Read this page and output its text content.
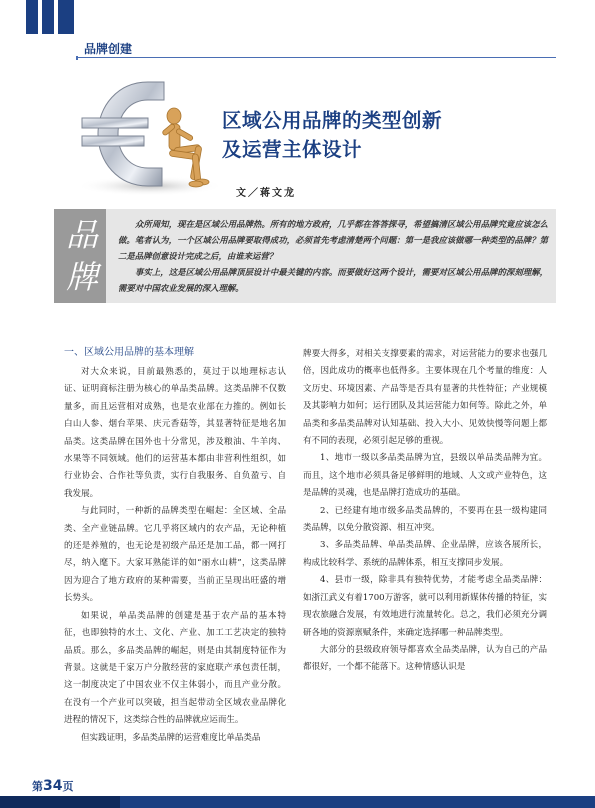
品牌创建
区域公用品牌的类型创新
及运营主体设计
文／蒋文龙
品
牌

众所周知，现在是区域公用品牌热。所有的地方政府，几乎都在答答探寻，希望搞清区域公用品牌究竟应该怎么做。笔者认为，一个区域公用品牌要取得成功，必须首先考虑清楚两个问题：第一是我应该做哪一种类型的品牌？第二是品牌创意设计完成之后，由谁来运营？

事实上，这是区域公用品牌顶层设计中最关键的内容。而要做好这两个设计，需要对区域公用品牌的深刻理解，需要对中国农业发展的深入理解。

一、区域公用品牌的基本理解

对大众来说，目前最熟悉的，莫过于以地理标志认证、证明商标注册为核心的单品类品牌。这类品牌不仅数量多，而且运营相对成熟，也是农业部在力推的。例如长白山人参、烟台苹果、庆元香菇等，其显著特征是地名加品类。这类品牌在国外也十分常见，涉及粮油、牛羊肉、水果等不同领域。他们的运营基本都由非营利性组织，如行业协会、合作社等负责，实行自我服务、自负盈亏、自我发展。

与此同时，一种新的品牌类型在崛起：全区域、全品类、全产业链品牌。它几乎将区域内的农产品，无论种植的还是养殖的，也无论是初级产品还是加工品，都一网打尽，纳入麾下。大家耳熟能详的如“丽水山耕”，这类品牌因为迎合了地方政府的某种需要，当前正呈现出旺盛的增长势头。

如果说，单品类品牌的创建是基于农产品的基本特征，也即独特的水土、文化、产业、加工工艺决定的独特品质。那么，多品类品牌的崛起，则是由其制度特征作为背景。这就是千家万户分散经营的家庭联产承包责任制，这一制度决定了中国农业不仅主体弱小，而且产业分散。在没有一个产业可以突破，担当起带动全区域农业品牌化进程的情况下，这类综合性的品牌就应运而生。

但实践证明，多品类品牌的运营难度比单品类品

牌要大得多，对相关支撑要素的需求，对运营能力的要求也强几倍，因此成功的概率也低得多。主要体现在几个考量的维度：人文历史、环境因素、产品等是否具有显著的共性特征；产业规模及其影响力如何；运行团队及其运营能力如何等。除此之外，单品类和多品类品牌对认知基础、投入大小、见效快慢等问题上都有不同的表现，必须引起足够的重视。

1、地市一级以多品类品牌为宜，县级以单品类品牌为宜。而且，这个地市必须具备足够鲜明的地域、人文或产业特色，这是品牌的灵魂，也是品牌打造成功的基础。

2、已经建有地市级多品类品牌的，不要再在县一级构建同类品牌，以免分散资源、相互冲突。

3、多品类品牌、单品类品牌、企业品牌，应该各展所长，构成比较科学、系统的品牌体系，相互支撑同步发展。

4、县市一级，除非具有独特优势，才能考虑全品类品牌：如浙江武义有着1700万游客，就可以利用新媒体传播的特征，实现农旅融合发展，有效地进行流量转化。总之，我们必须充分调研各地的资源禀赋条件，来确定选择哪一种品牌类型。

大部分的县级政府领导都喜欢全品类品牌，认为自己的产品都很好，一个都不能落下。这种情感认识是

第34页
